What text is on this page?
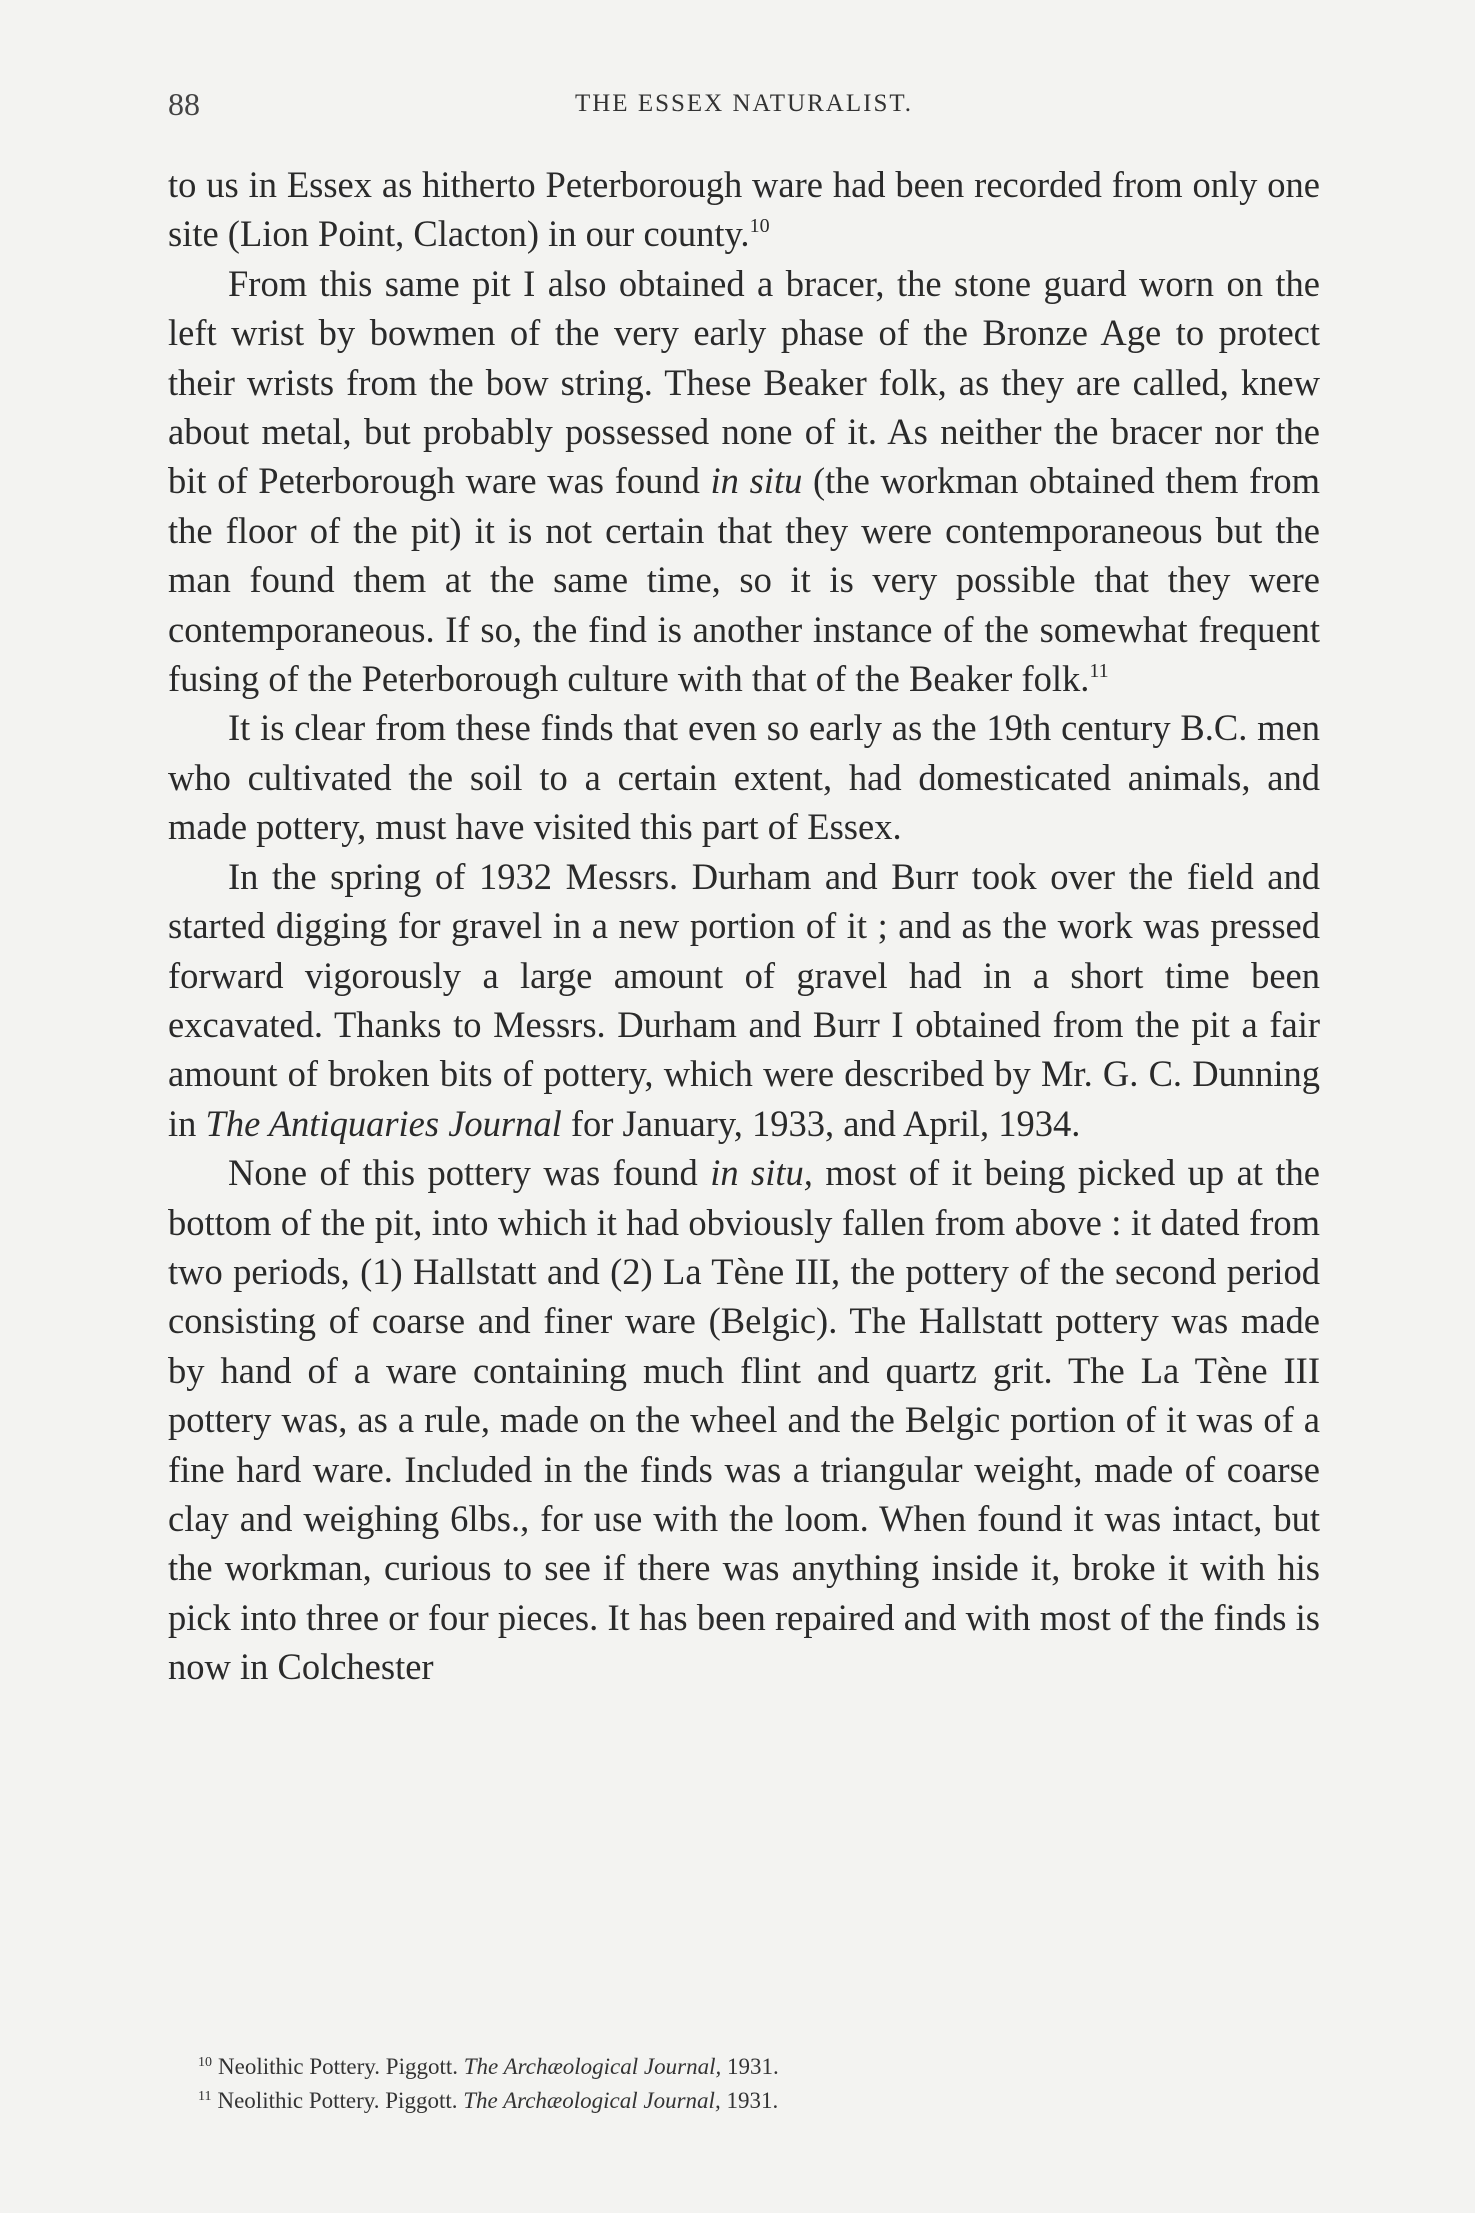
88	THE ESSEX NATURALIST.

to us in Essex as hitherto Peterborough ware had been recorded from only one site (Lion Point, Clacton) in our county.$^{10}$

From this same pit I also obtained a bracer, the stone guard worn on the left wrist by bowmen of the very early phase of the Bronze Age to protect their wrists from the bow string. These Beaker folk, as they are called, knew about metal, but probably possessed none of it. As neither the bracer nor the bit of Peterborough ware was found in situ (the workman obtained them from the floor of the pit) it is not certain that they were contemporaneous but the man found them at the same time, so it is very possible that they were contemporaneous. If so, the find is another instance of the somewhat frequent fusing of the Peterborough culture with that of the Beaker folk.$^{11}$

It is clear from these finds that even so early as the 19th century B.C. men who cultivated the soil to a certain extent, had domesticated animals, and made pottery, must have visited this part of Essex.

In the spring of 1932 Messrs. Durham and Burr took over the field and started digging for gravel in a new portion of it ; and as the work was pressed forward vigorously a large amount of gravel had in a short time been excavated. Thanks to Messrs. Durham and Burr I obtained from the pit a fair amount of broken bits of pottery, which were described by Mr. G. C. Dunning in The Antiquaries Journal for January, 1933, and April, 1934.

None of this pottery was found in situ, most of it being picked up at the bottom of the pit, into which it had obviously fallen from above : it dated from two periods, (1) Hallstatt and (2) La Tène III, the pottery of the second period consisting of coarse and finer ware (Belgic). The Hallstatt pottery was made by hand of a ware containing much flint and quartz grit. The La Tène III pottery was, as a rule, made on the wheel and the Belgic portion of it was of a fine hard ware. Included in the finds was a triangular weight, made of coarse clay and weighing 6lbs., for use with the loom. When found it was intact, but the workman, curious to see if there was anything inside it, broke it with his pick into three or four pieces. It has been repaired and with most of the finds is now in Colchester

$^{10}$ Neolithic Pottery. Piggott. The Archæological Journal, 1931.
$^{11}$ Neolithic Pottery. Piggott. The Archæological Journal, 1931.
